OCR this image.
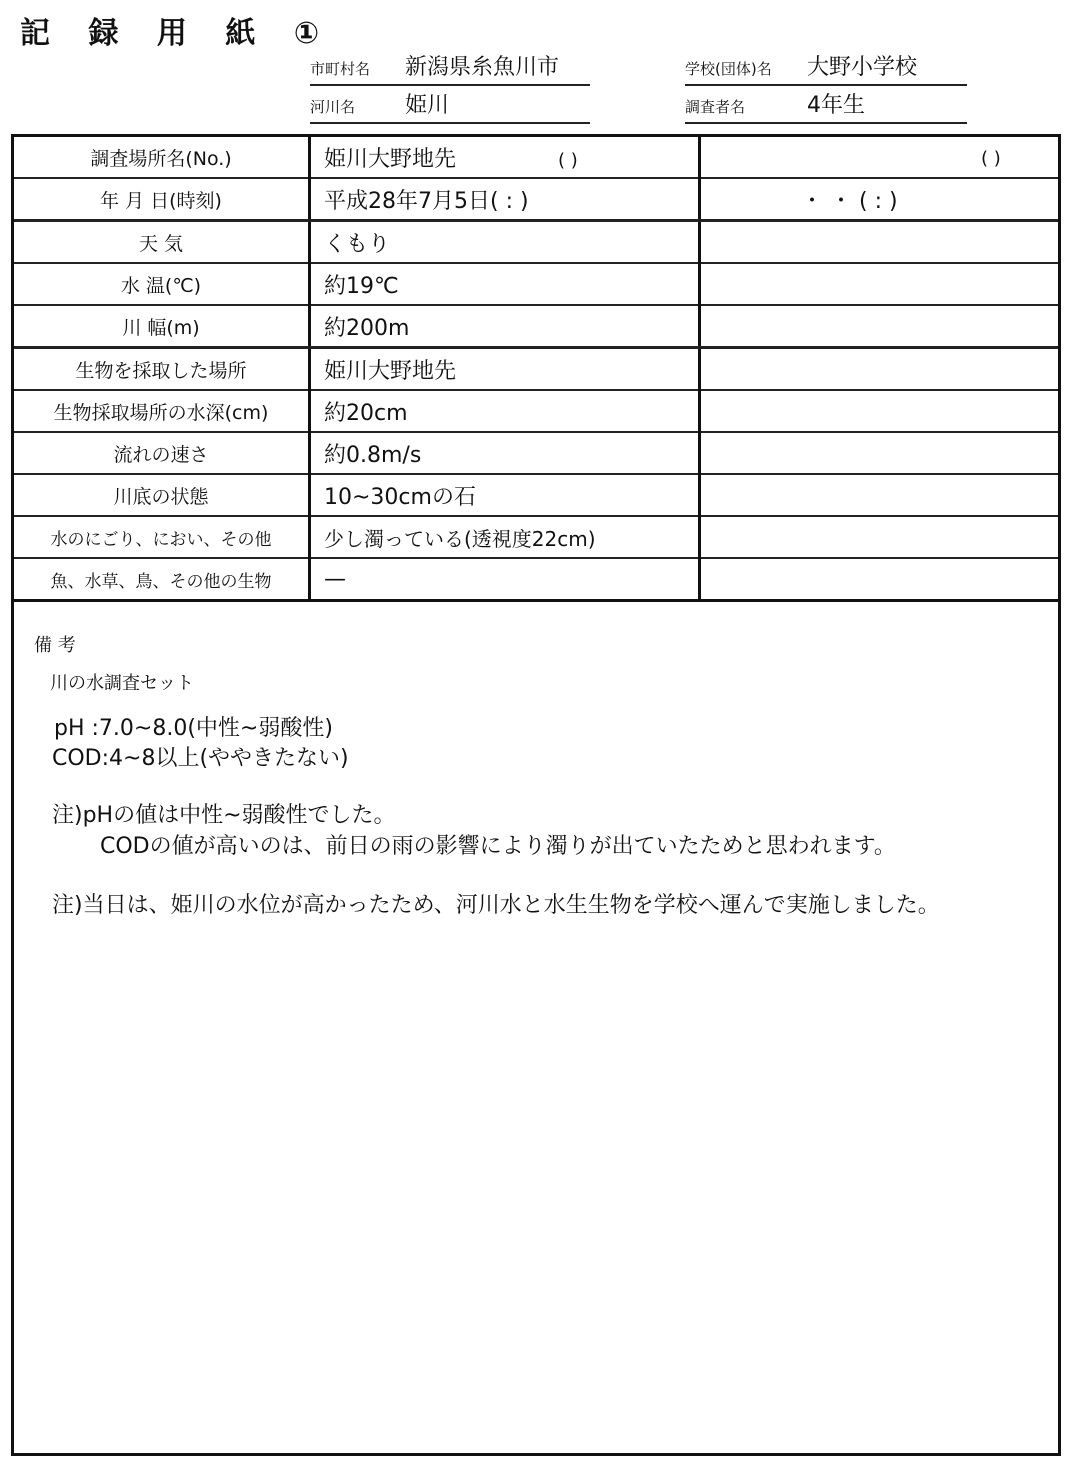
記 録 用 紙 ①
市町村名 新潟県糸魚川市	学校(団体)名 大野小学校
河川名 姫川	調査者名	4年生
調査場所名(No.)	姫川大野地先 ( )	( )
年 月 日(時刻)	平成28年7月5日( : )	・ ・ ( : )
天 気	くもり	
水 温(℃)	約19℃	
川 幅(m)	約200m	
生物を採取した場所	姫川大野地先	
生物採取場所の水深(cm)	約20cm	
流れの速さ	約0.8m/s	
川底の状態	10~30cmの石	
水のにごり、におい、その他	少し濁っている(透視度22cm)	
魚、水草、鳥、その他の生物	—	
備 考
川の水調査セット
pH :7.0~8.0(中性~弱酸性)
COD:4~8以上(ややきたない)
注)pHの値は中性~弱酸性でした。
CODの値が高いのは、前日の雨の影響により濁りが出ていたためと思われます。
注)当日は、姫川の水位が高かったため、河川水と水生生物を学校へ運んで実施しました。
